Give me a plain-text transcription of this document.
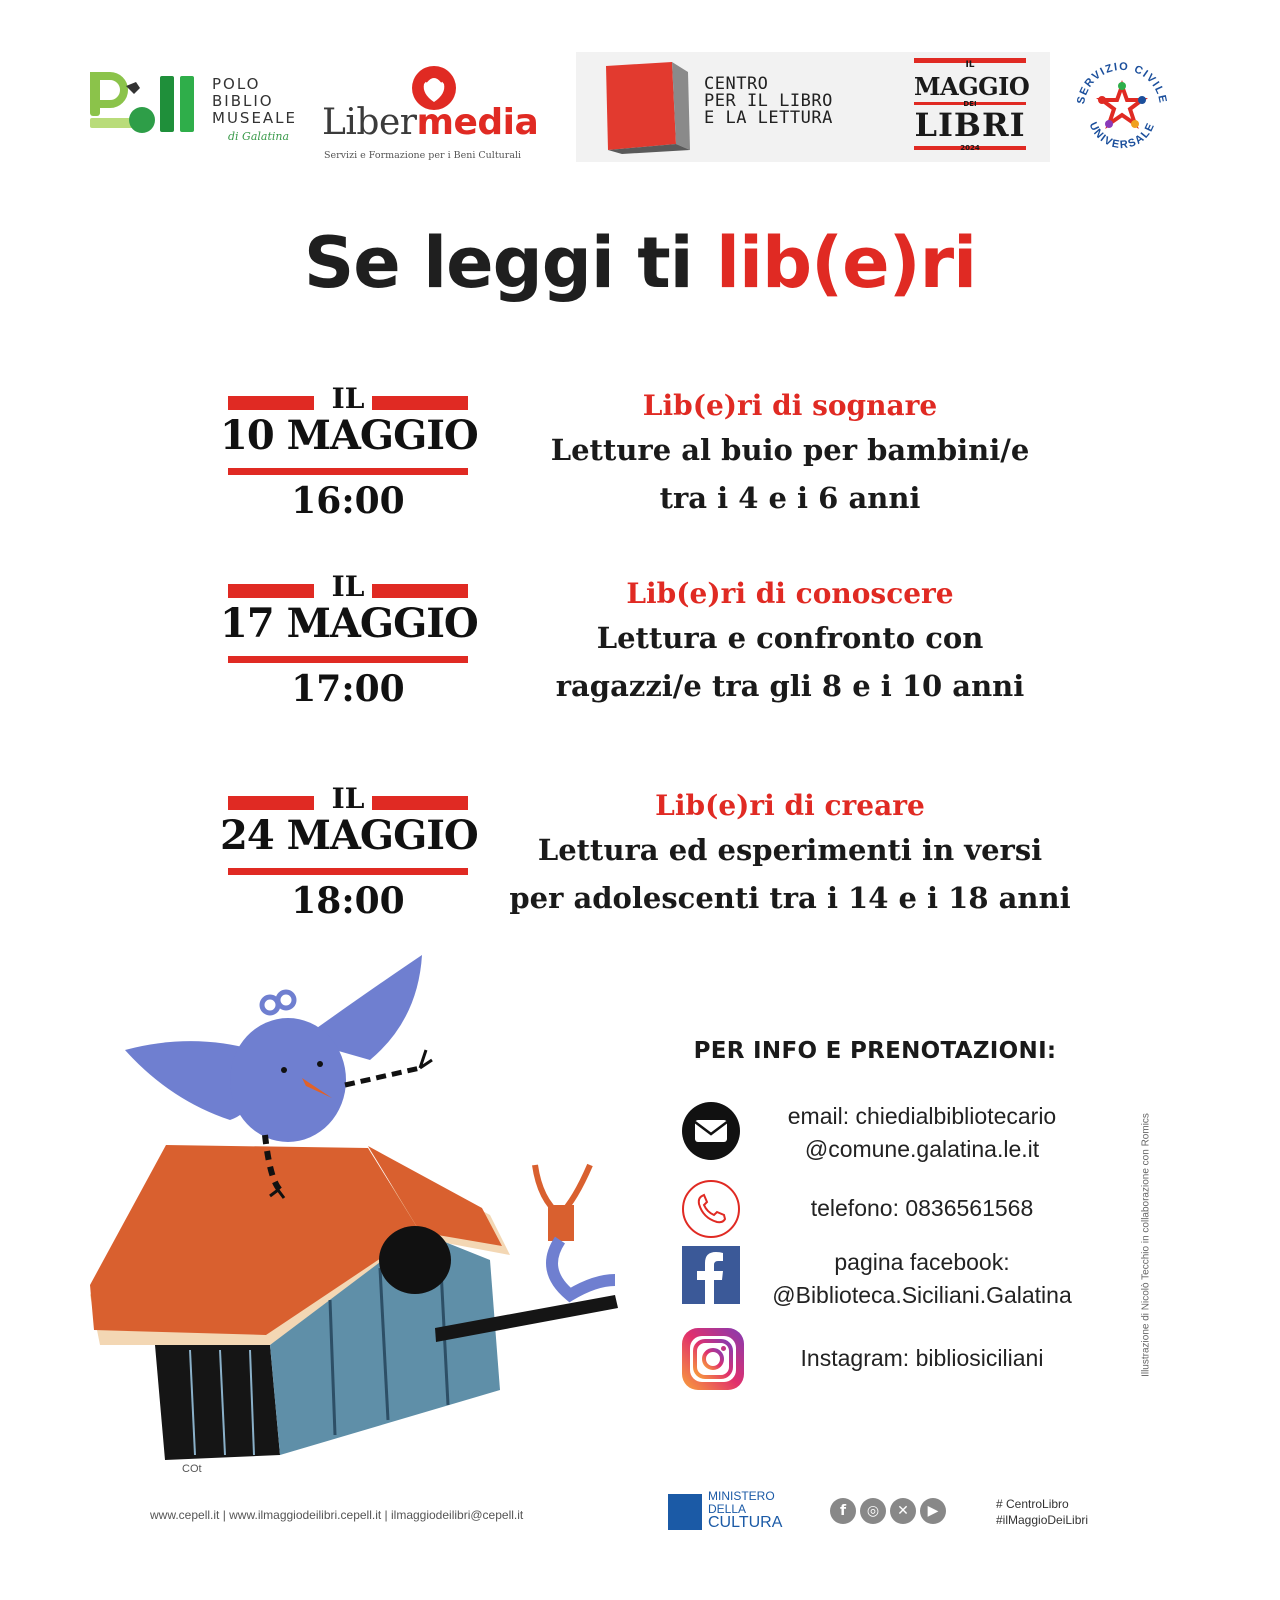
POLO
BIBLIO
MUSEALE
di Galatina Libermedia
Servizi e Formazione per i Beni Culturali
CENTRO
PER IL LIBRO
E LA LETTURA
IL
MAGGIO
DEI
LIBRI
2024
SERVIZIO CIVILE
UNIVERSALE
Se leggi ti lib(e)ri
IL
10 MAGGIO
16:00
Lib(e)ri di sognare
Letture al buio per bambini/e
tra i 4 e i 6 anni
IL
17 MAGGIO
17:00
Lib(e)ri di conoscere
Lettura e confronto con
ragazzi/e tra gli 8 e i 10 anni
IL
24 MAGGIO
18:00
Lib(e)ri di creare
Lettura ed esperimenti in versi
per adolescenti tra i 14 e i 18 anni
COt
PER INFO E PRENOTAZIONI:
email: chiedialbibliotecario
@comune.galatina.le.it
telefono: 0836561568
pagina facebook:
@Biblioteca.Siciliani.Galatina
Instagram: bibliosiciliani	Illustrazione di Nicolò Tecchio in collaborazione con Romics
www.cepell.it | www.ilmaggiodeilibri.cepell.it | ilmaggiodeilibri@cepell.it
MINISTERO
DELLA
CULTURA
f	◎	✕	▶	# CentroLibro
#ilMaggioDeiLibri
